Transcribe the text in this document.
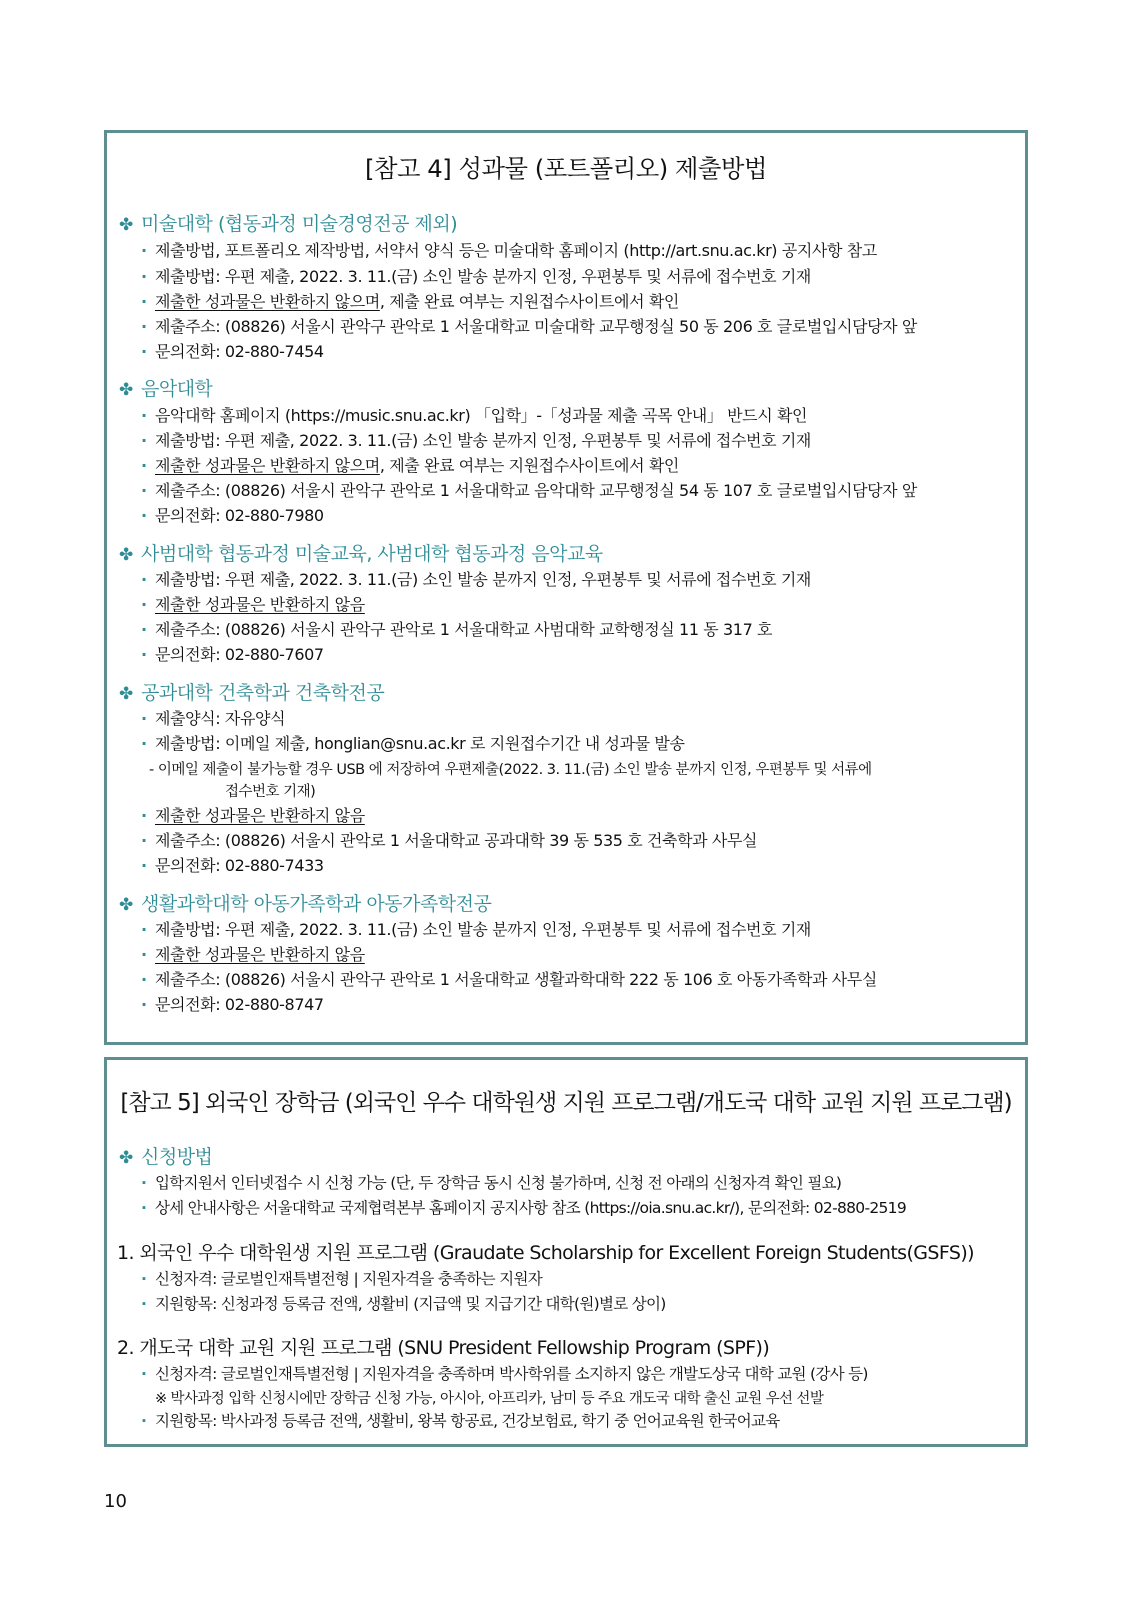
[참고 4] 성과물 (포트폴리오) 제출방법
✤ 미술대학 (협동과정 미술경영전공 제외)
· 제출방법, 포트폴리오 제작방법, 서약서 양식 등은 미술대학 홈페이지 (http://art.snu.ac.kr) 공지사항 참고
· 제출방법: 우편 제출, 2022. 3. 11.(금) 소인 발송 분까지 인정, 우편봉투 및 서류에 접수번호 기재
· 제출한 성과물은 반환하지 않으며, 제출 완료 여부는 지원접수사이트에서 확인
· 제출주소: (08826) 서울시 관악구 관악로 1 서울대학교 미술대학 교무행정실 50 동 206 호 글로벌입시담당자 앞
· 문의전화: 02-880-7454
✤ 음악대학
· 음악대학 홈페이지 (https://music.snu.ac.kr) 「입학」-「성과물 제출 곡목 안내」 반드시 확인
· 제출방법: 우편 제출, 2022. 3. 11.(금) 소인 발송 분까지 인정, 우편봉투 및 서류에 접수번호 기재
· 제출한 성과물은 반환하지 않으며, 제출 완료 여부는 지원접수사이트에서 확인
· 제출주소: (08826) 서울시 관악구 관악로 1 서울대학교 음악대학 교무행정실 54 동 107 호 글로벌입시담당자 앞
· 문의전화: 02-880-7980
✤ 사범대학 협동과정 미술교육, 사범대학 협동과정 음악교육
· 제출방법: 우편 제출, 2022. 3. 11.(금) 소인 발송 분까지 인정, 우편봉투 및 서류에 접수번호 기재
· 제출한 성과물은 반환하지 않음
· 제출주소: (08826) 서울시 관악구 관악로 1 서울대학교 사범대학 교학행정실 11 동 317 호
· 문의전화: 02-880-7607
✤ 공과대학 건축학과 건축학전공
· 제출양식: 자유양식
· 제출방법: 이메일 제출, honglian@snu.ac.kr 로 지원접수기간 내 성과물 발송
- 이메일 제출이 불가능할 경우 USB 에 저장하여 우편제출(2022. 3. 11.(금) 소인 발송 분까지 인정, 우편봉투 및 서류에
접수번호 기재)
· 제출한 성과물은 반환하지 않음
· 제출주소: (08826) 서울시 관악로 1 서울대학교 공과대학 39 동 535 호 건축학과 사무실
· 문의전화: 02-880-7433
✤ 생활과학대학 아동가족학과 아동가족학전공
· 제출방법: 우편 제출, 2022. 3. 11.(금) 소인 발송 분까지 인정, 우편봉투 및 서류에 접수번호 기재
· 제출한 성과물은 반환하지 않음
· 제출주소: (08826) 서울시 관악구 관악로 1 서울대학교 생활과학대학 222 동 106 호 아동가족학과 사무실
· 문의전화: 02-880-8747
[참고 5] 외국인 장학금 (외국인 우수 대학원생 지원 프로그램/개도국 대학 교원 지원 프로그램)
✤ 신청방법
· 입학지원서 인터넷접수 시 신청 가능 (단, 두 장학금 동시 신청 불가하며, 신청 전 아래의 신청자격 확인 필요)
· 상세 안내사항은 서울대학교 국제협력본부 홈페이지 공지사항 참조 (https://oia.snu.ac.kr/), 문의전화: 02-880-2519
1. 외국인 우수 대학원생 지원 프로그램 (Graudate Scholarship for Excellent Foreign Students(GSFS))
· 신청자격: 글로벌인재특별전형 | 지원자격을 충족하는 지원자
· 지원항목: 신청과정 등록금 전액, 생활비 (지급액 및 지급기간 대학(원)별로 상이)
2. 개도국 대학 교원 지원 프로그램 (SNU President Fellowship Program (SPF))
· 신청자격: 글로벌인재특별전형 | 지원자격을 충족하며 박사학위를 소지하지 않은 개발도상국 대학 교원 (강사 등)
※ 박사과정 입학 신청시에만 장학금 신청 가능, 아시아, 아프리카, 남미 등 주요 개도국 대학 출신 교원 우선 선발
· 지원항목: 박사과정 등록금 전액, 생활비, 왕복 항공료, 건강보험료, 학기 중 언어교육원 한국어교육
10
